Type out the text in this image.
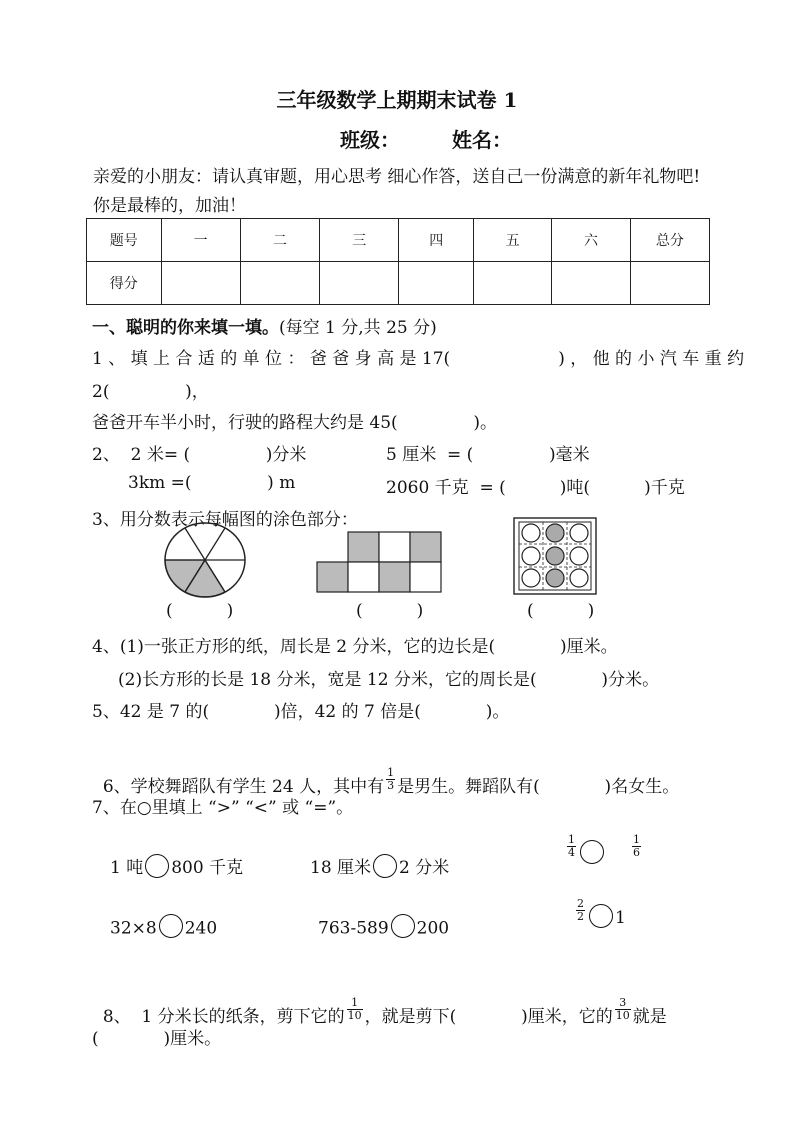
三年级数学上期期末试卷 1
班级：	姓名：
亲爱的小朋友：请认真审题，用心思考 细心作答，送自己一份满意的新年礼物吧!你是最棒的，加油！
题号	一	二	三	四	五	六	总分
得分							
一、聪明的你来填一填。(每空 1 分,共 25 分)
1 、 填 上 合 适 的 单 位 ： 爸 爸 身 高 是 17(                    ) ， 他 的 小 汽 车 重 约
2(              )，
爸爸开车半小时，行驶的路程大约是 45(              )。
2、  2 米= (              )分米	5 厘米  = (              )毫米
3km =(              ) m	2060 千克  = (          )吨(          )千克
3、用分数表示每幅图的涂色部分：
(          )	(          )	(          )
4、(1)一张正方形的纸，周长是 2 分米，它的边长是(            )厘米。
(2)长方形的长是 18 分米，宽是 12 分米，它的周长是(            )分米。
5、42 是 7 的(            )倍，42 的 7 倍是(            )。

6、学校舞蹈队有学生 24 人，其中有 $\frac{1}{3}$ 是男生。舞蹈队有(            )名女生。

7、在○里填上 “>” “<” 或 “=”。
1 吨 800 千克	18 厘米 2 分米
$\frac{1}{4}$	$\frac{1}{6}$
32×8 240	763-589 200
$\frac{2}{2} 1$

8、  1 分米长的纸条，剪下它的 $\frac{1}{10}$ ，就是剪下(            )厘米，它的 $\frac{3}{10}$ 就是

(            )厘米。
